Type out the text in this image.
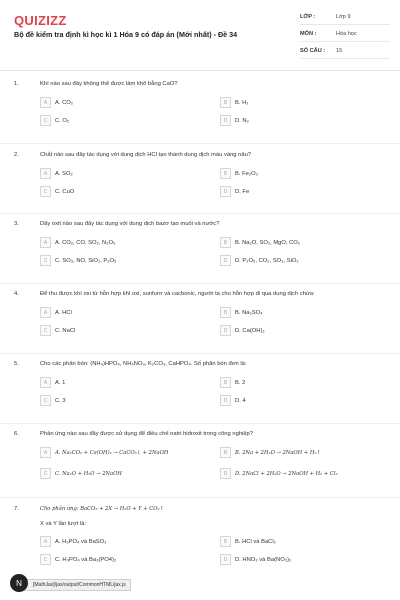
QUIZIZZ
Bộ đề kiểm tra định kì học kì 1 Hóa 9 có đáp án (Mới nhất) - Đề 34
LỚP :	Lớp 9
MÔN :	Hóa học
SỐ CÂU :	15
1.	Khí nào sau đây không thể được làm khô bằng CaO?
A	A. CO₂	B	B. H₂
C	C. O₂	D	D. N₂
2.	Chất nào sau đây tác dụng với dung dịch HCl tạo thành dung dịch màu vàng nâu?
A	A. SO₂	B	B. Fe₂O₃
C	C. CuO	D	D. Fe
3.	Dãy oxit nào sau đây tác dụng với dung dịch bazơ tạo muối và nước?
A	A. CO₂, CO, SO₂, N₂O₅	B	B. Na₂O, SO₂, MgO, CO₂
C	C. SO₃, NO, SiO₂, P₂O₅	D	D. P₂O₅, CO₂, SO₃, SiO₂
4.	Để thu được khí oxi từ hỗn hợp khí oxi, sunfurơ và cacbonic, người ta cho hỗn hợp đi qua dung dịch chứa:
A	A. HCl	B	B. Na₂SO₄
C	C. NaCl	D	D. Ca(OH)₂
5.	Cho các phân bón: (NH₄)HPO₄, NH₄NO₃, K₂CO₃, CaHPO₄. Số phân bón đơn là:
A	A. 1	B	B. 2
C	C. 3	D	D. 4
6.	Phản ứng nào sau đây được sử dụng để điều chế natri hidroxit trong công nghiệp?
A	A. Na₂CO₃ + Ca(OH)₂ → CaCO₃↓ + 2NaOH	B	B. 2Na + 2H₂O → 2NaOH + H₂↑
C	C. Na₂O + H₂O → 2NaOH	D	D. 2NaCl + 2H₂O → 2NaOH + H₂ + Cl₂
7.	Cho phản ứng: BaCO₃ + 2X → H₂O + Y + CO₂↑
X và Y lần lượt là:
A	A. H₃PO₄ và BaSO₃	B	B. HCl và BaCl₂
C	C. H₃PO₄ và Ba₃(PO4)₂	D	D. HNO₃ và Ba(NO₃)₂
[MathJax]/jax/output/CommonHTML/jax.js
N
